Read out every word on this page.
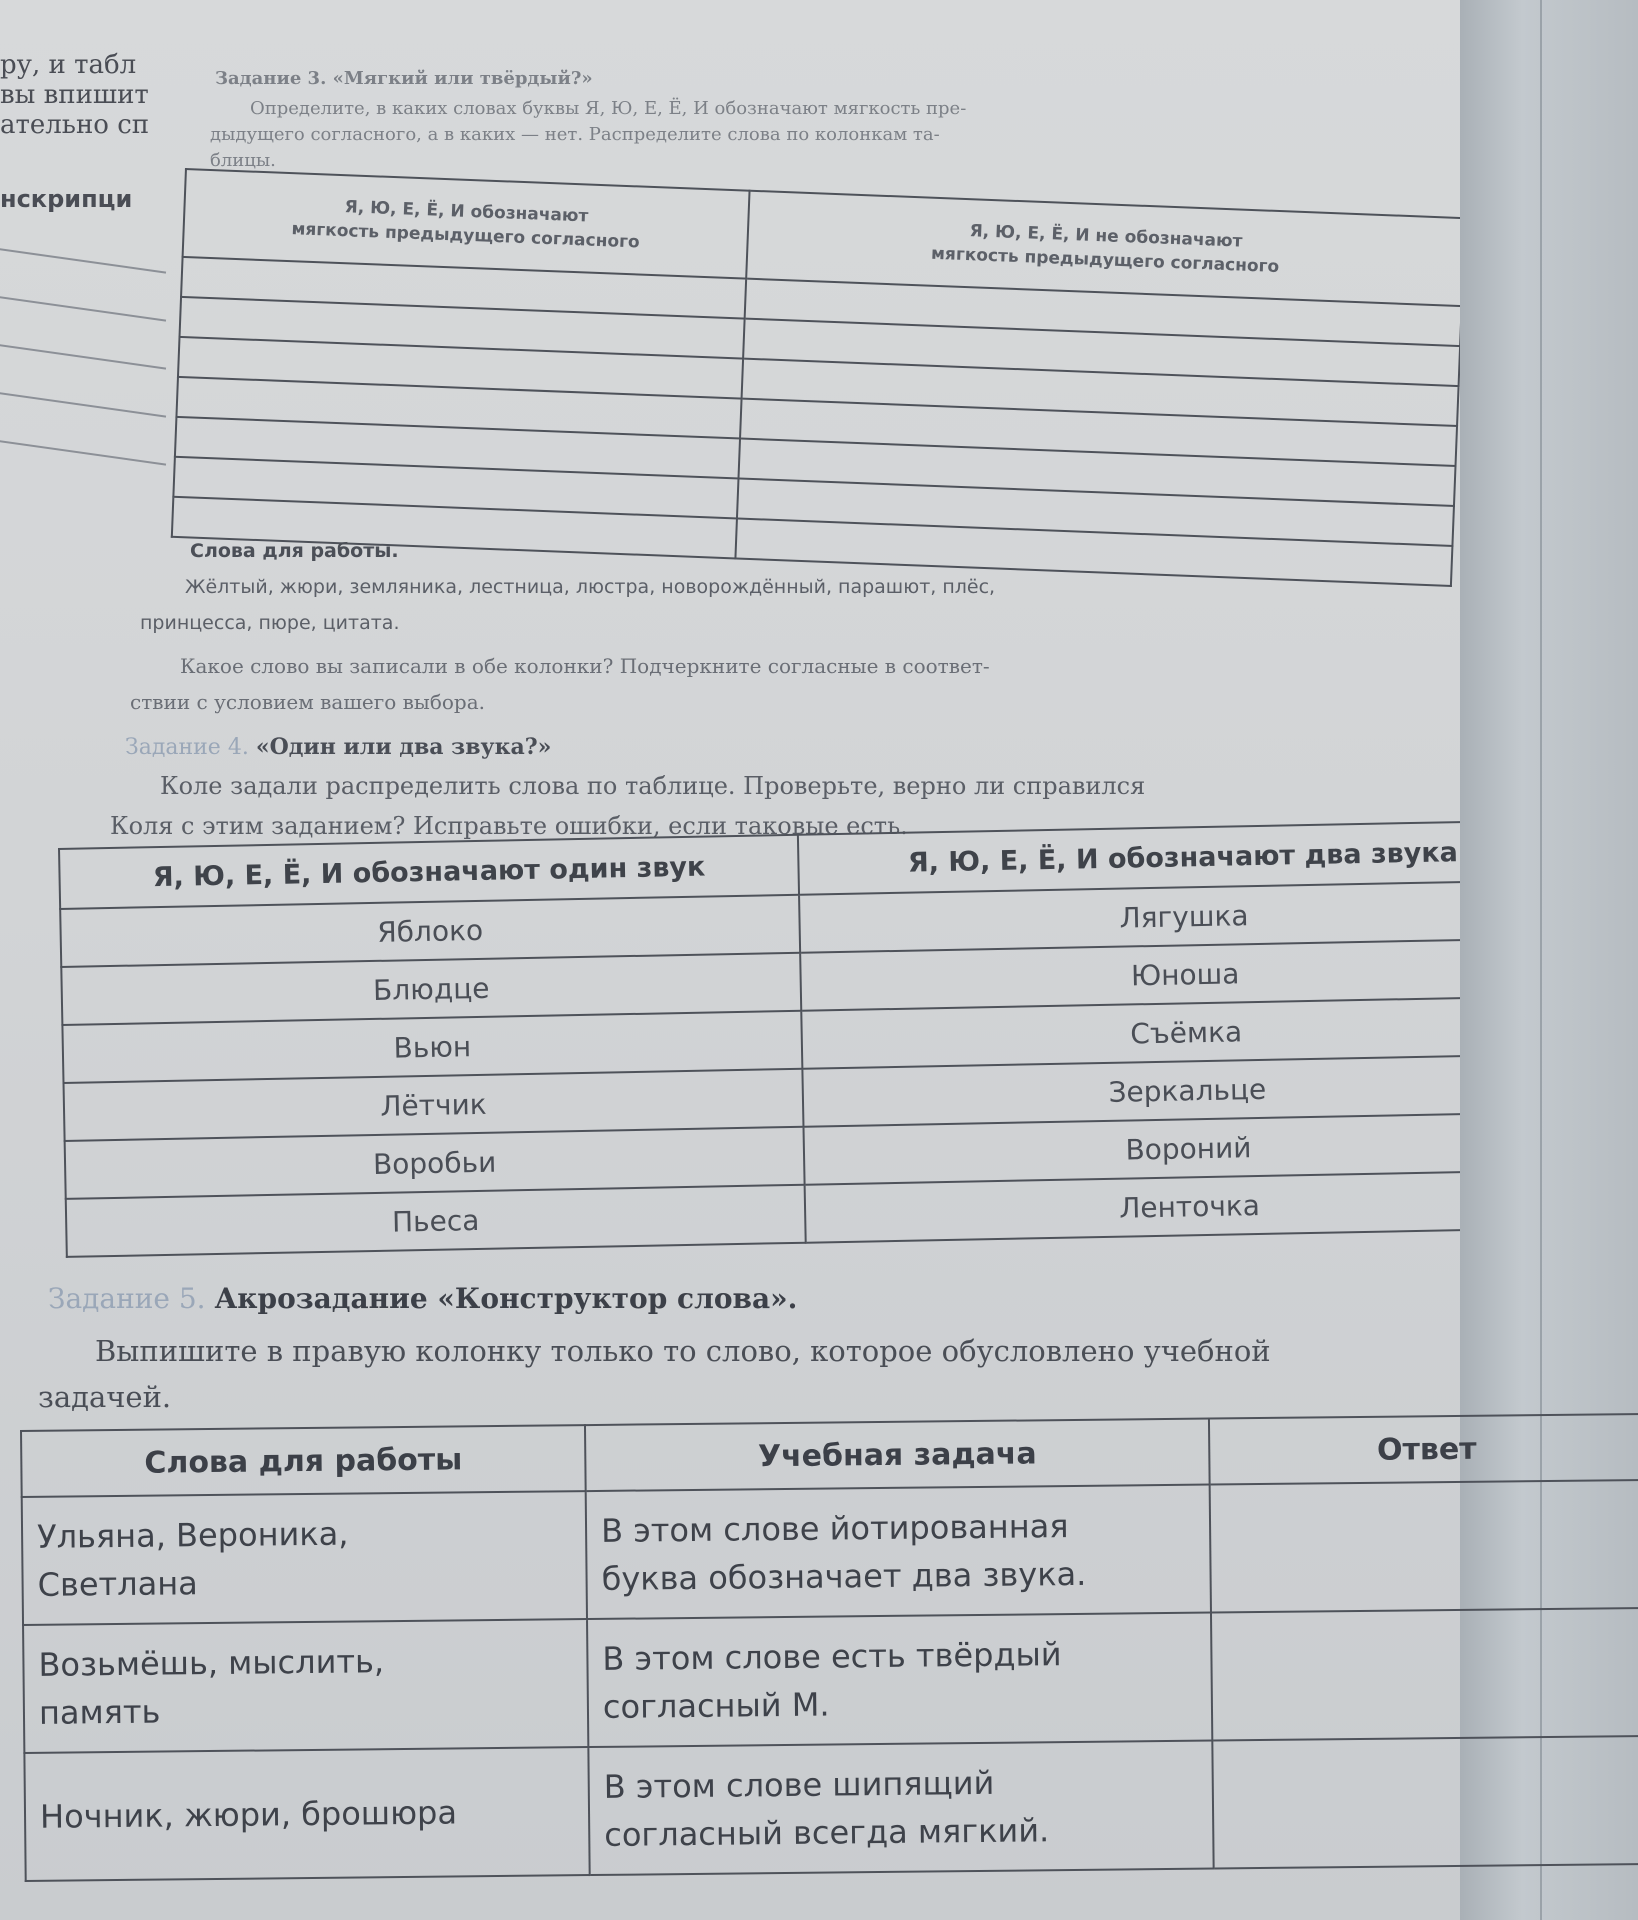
ру, и табл
вы впишит
ательно сп
нскрипци
Задание 3. «Мягкий или твёрдый?»
Определите, в каких словах буквы Я, Ю, Е, Ё, И обозначают мягкость пре-
дыдущего согласного, а в каких — нет. Распределите слова по колонкам та-
блицы.
Я, Ю, Е, Ё, И обозначают
мягкость предыдущего согласного	Я, Ю, Е, Ё, И не обозначают
мягкость предыдущего согласного

Слова для работы.
Жёлтый, жюри, земляника, лестница, люстра, новорождённый, парашют, плёс,
принцесса, пюре, цитата.
Какое слово вы записали в обе колонки? Подчеркните согласные в соответ-
ствии с условием вашего выбора.
Задание 4. «Один или два звука?»
Коле задали распределить слова по таблице. Проверьте, верно ли справился
Коля с этим заданием? Исправьте ошибки, если таковые есть.
Я, Ю, Е, Ё, И обозначают один звук	Я, Ю, Е, Ё, И обозначают два звука
Яблоко	Лягушка
Блюдце	Юноша
Вьюн	Съёмка
Лётчик	Зеркальце
Воробьи	Вороний
Пьеса	Ленточка
Задание 5. Акрозадание «Конструктор слова».
Выпишите в правую колонку только то слово, которое обусловлено учебной
задачей.
Слова для работы	Учебная задача	Ответ
Ульяна, Вероника,
Светлана	В этом слове йотированная
буква обозначает два звука.	
Возьмёшь, мыслить,
память	В этом слове есть твёрдый
согласный М.	
Ночник, жюри, брошюра	В этом слове шипящий
согласный всегда мягкий.	
